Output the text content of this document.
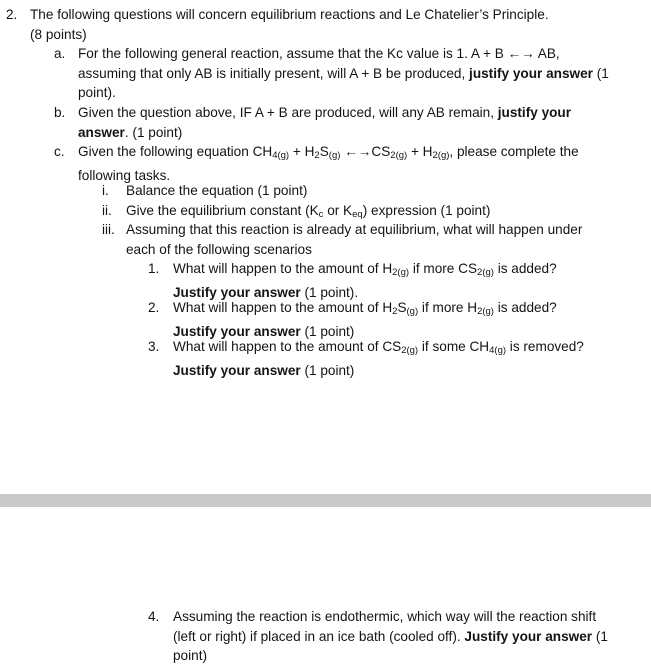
2. The following questions will concern equilibrium reactions and Le Chatelier’s Principle.
(8 points)
a. For the following general reaction, assume that the Kc value is 1. A + B ←→ AB, assuming that only AB is initially present, will A + B be produced, justify your answer (1 point).
b. Given the question above, IF A + B are produced, will any AB remain, justify your answer. (1 point)
c. Given the following equation $CH_{4(g)} + H_2S_{(g)}$ $\leftarrow\to CS_{2(g)} + H_{2(g)}$, please complete the following tasks.
i.	Balance the equation (1 point)
ii.	Give the equilibrium constant ($K_c$ or $K_{eq}$) expression (1 point)
iii. Assuming that this reaction is already at equilibrium, what will happen under each of the following scenarios
1.	What will happen to the amount of $H_{2(g)}$ if more $CS_{2(g)}$ is added?
Justify your answer (1 point).
2.	What will happen to the amount of $H_2S_{(g)}$ if more $H_{2(g)}$ is added?
Justify your answer (1 point)
3.	What will happen to the amount of $CS_{2(g)}$ if some $CH_{4(g)}$ is removed? Justify your answer (1 point)
4.	Assuming the reaction is endothermic, which way will the reaction shift (left or right) if placed in an ice bath (cooled off). Justify your answer (1 point)
